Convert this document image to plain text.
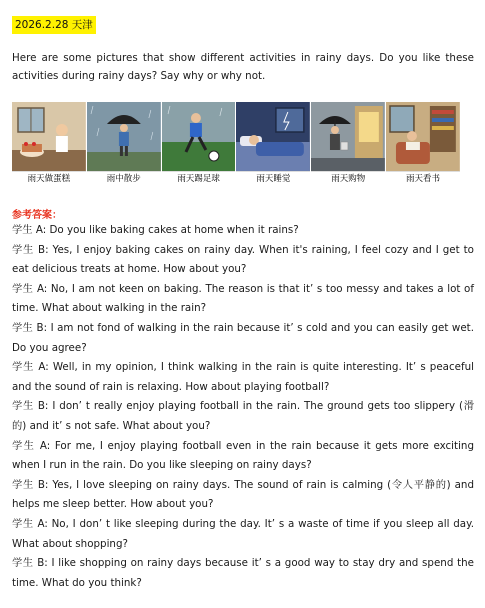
2026.2.28 天津

Here are some pictures that show different activities in rainy days. Do you like these activities during rainy days? Say why or why not.

雨天做蛋糕	雨中散步	雨天踢足球	雨天睡觉	雨天购物	雨天看书
参考答案：

学生 A: Do you like baking cakes at home when it rains?

学生 B: Yes, I enjoy baking cakes on rainy day. When it's raining, I feel cozy and I get to eat delicious treats at home. How about you?

学生 A: No, I am not keen on baking. The reason is that it’ s too messy and takes a lot of time. What about walking in the rain?

学生 B: I am not fond of walking in the rain because it’ s cold and you can easily get wet. Do you agree?

学生 A: Well, in my opinion, I think walking in the rain is quite interesting. It’ s peaceful and the sound of rain is relaxing. How about playing football?

学生 B: I don’ t really enjoy playing football in the rain. The ground gets too slippery (滑的) and it’ s not safe. What about you?

学生 A: For me, I enjoy playing football even in the rain because it gets more exciting when I run in the rain. Do you like sleeping on rainy days?

学生 B: Yes, I love sleeping on rainy days. The sound of rain is calming (令人平静的) and helps me sleep better. How about you?

学生 A: No, I don’ t like sleeping during the day. It’ s a waste of time if you sleep all day. What about shopping?

学生 B: I like shopping on rainy days because it’ s a good way to stay dry and spend the time. What do you think?
